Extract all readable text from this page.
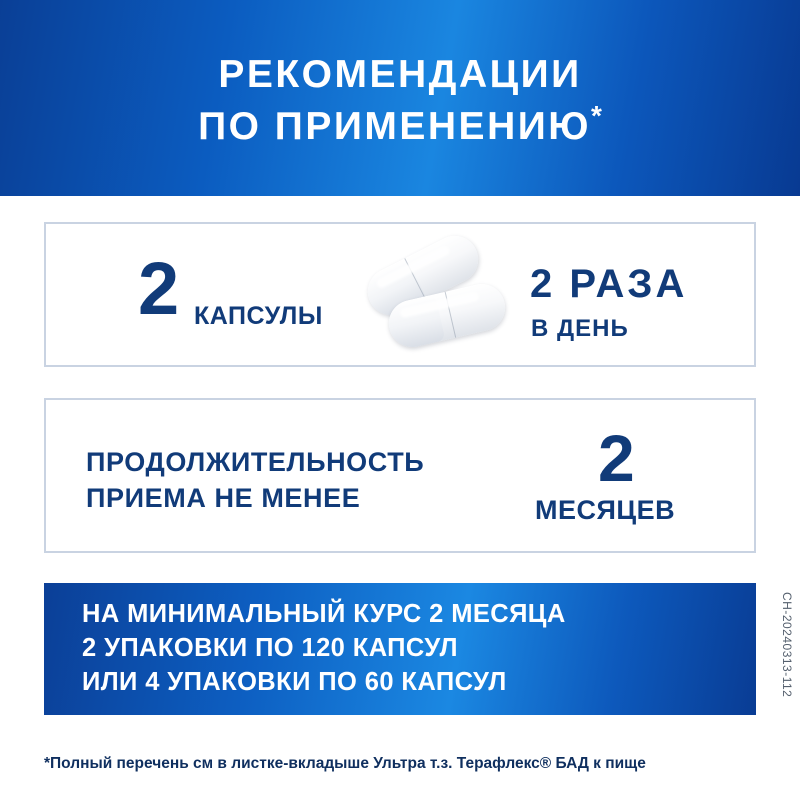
РЕКОМЕНДАЦИИ
ПО ПРИМЕНЕНИЮ*
2 КАПСУЛЫ
2 РАЗА
В ДЕНЬ
ПРОДОЛЖИТЕЛЬНОСТЬ
ПРИЕМА НЕ МЕНЕЕ
2
МЕСЯЦЕВ
НА МИНИМАЛЬНЫЙ КУРС 2 МЕСЯЦА
2 УПАКОВКИ ПО 120 КАПСУЛ
ИЛИ 4 УПАКОВКИ ПО 60 КАПСУЛ
*Полный перечень см в листке-вкладыше Ультра т.з. Терафлекс® БАД к пище
CH-20240313-112
